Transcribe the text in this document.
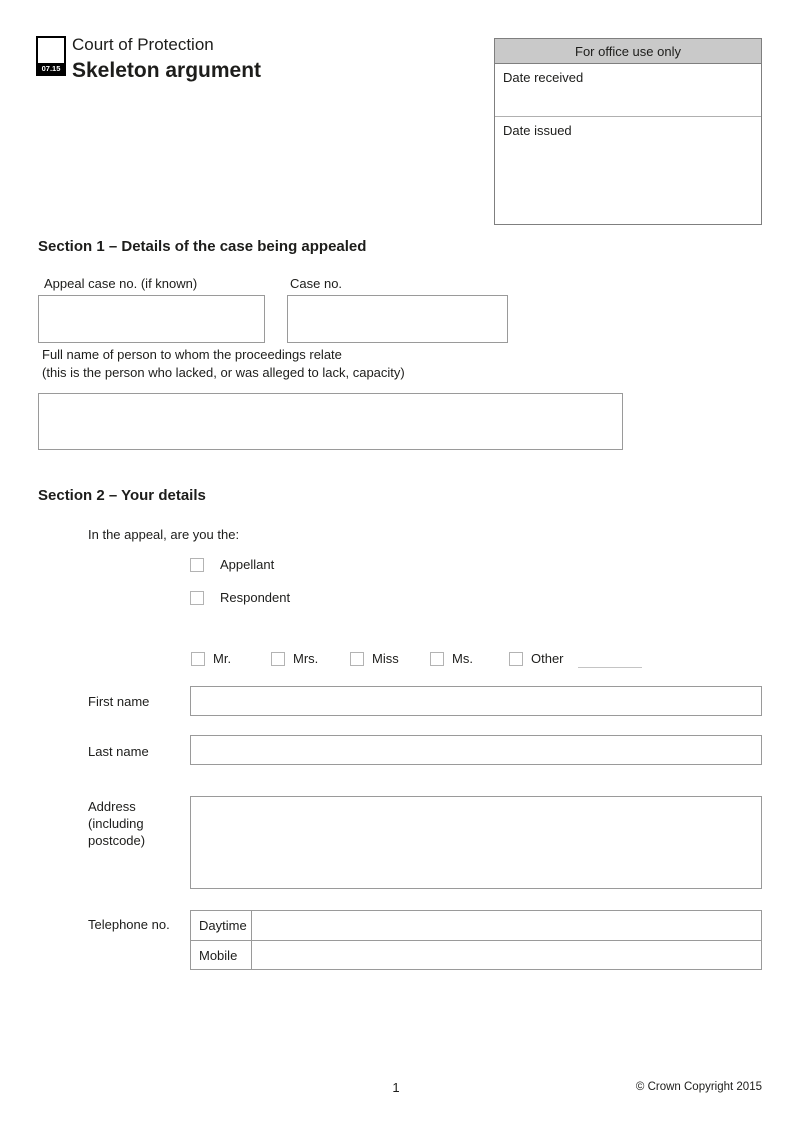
COP
37
07.15
Court of Protection
Skeleton argument
For office use only
Date received
Date issued
Section 1 – Details of the case being appealed
Appeal case no. (if known)	Case no.
Full name of person to whom the proceedings relate
(this is the person who lacked, or was alleged to lack, capacity)
Section 2 – Your details
In the appeal, are you the:
Appellant
Respondent
Mr.	Mrs.	Miss	Ms.	Other
First name
Last name
Address
(including
postcode)
Telephone no.	Daytime
Mobile
1	© Crown Copyright 2015
